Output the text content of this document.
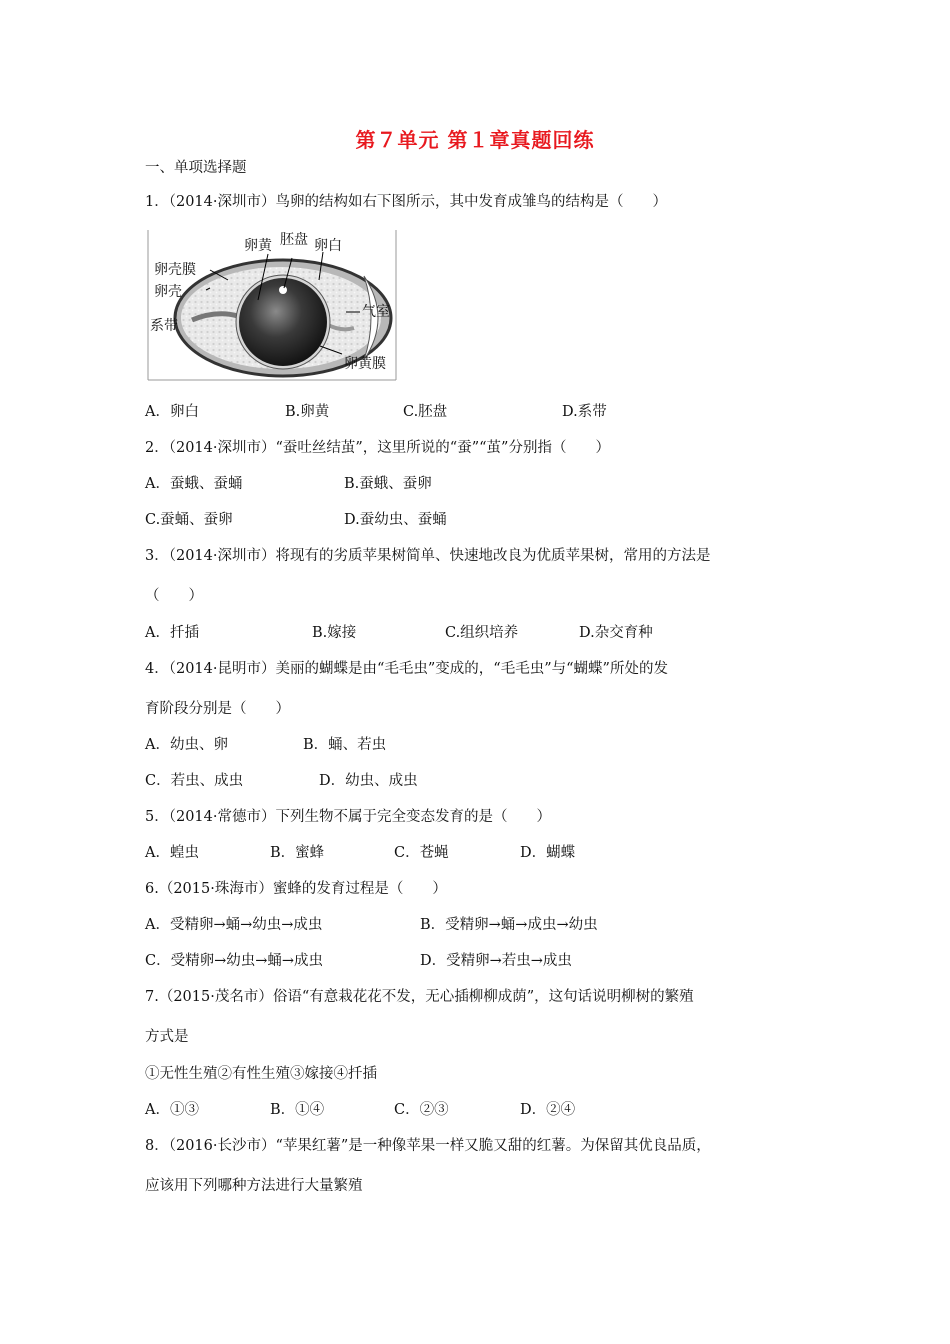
第７单元 第１章真题回练
一、单项选择题
1．（2014·深圳市）鸟卵的结构如右下图所示，其中发育成雏鸟的结构是（　　）
卵黄 胚盘 卵白
卵壳膜
卵壳
系带
气室
卵黄膜
A．卵白	B.卵黄	C.胚盘	D.系带
2．（2014·深圳市）“蚕吐丝结茧”，这里所说的“蚕”“茧”分别指（　　）
A．蚕蛾、蚕蛹	B.蚕蛾、蚕卵
C.蚕蛹、蚕卵	D.蚕幼虫、蚕蛹
3．（2014·深圳市）将现有的劣质苹果树简单、快速地改良为优质苹果树，常用的方法是
（　　）
A．扦插	B.嫁接	C.组织培养	D.杂交育种
4．（2014·昆明市）美丽的蝴蝶是由“毛毛虫”变成的，“毛毛虫”与“蝴蝶”所处的发
育阶段分别是（　　）
A．幼虫、卵	B．蛹、若虫
C．若虫、成虫	D．幼虫、成虫
5．（2014·常德市）下列生物不属于完全变态发育的是（　　）
A．蝗虫	B．蜜蜂	C．苍蝇	D．蝴蝶
6.（2015·珠海市）蜜蜂的发育过程是（　　）
A．受精卵→蛹→幼虫→成虫	B．受精卵→蛹→成虫→幼虫
C．受精卵→幼虫→蛹→成虫	D．受精卵→若虫→成虫
7.（2015·茂名市）俗语“有意栽花花不发，无心插柳柳成荫”，这句话说明柳树的繁殖
方式是
①无性生殖②有性生殖③嫁接④扦插
A．①③	B．①④	C．②③	D．②④
8．（2016·长沙市）“苹果红薯”是一种像苹果一样又脆又甜的红薯。为保留其优良品质，
应该用下列哪种方法进行大量繁殖
